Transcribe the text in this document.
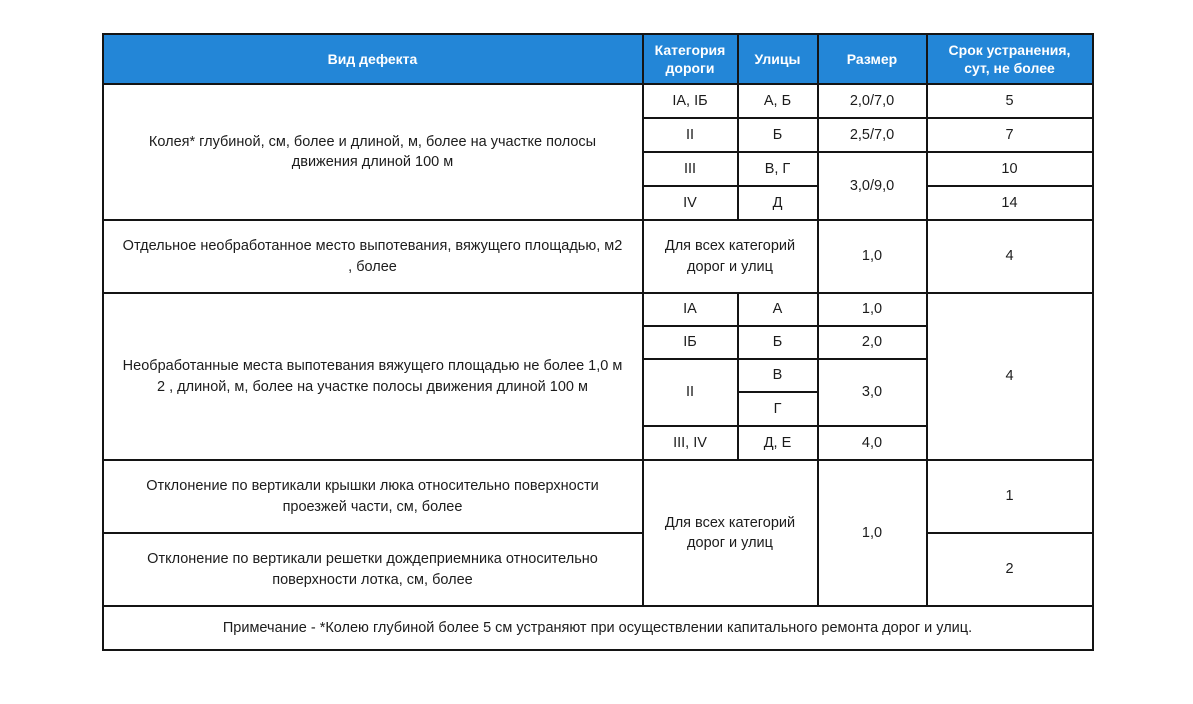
Вид дефекта	Категория дороги	Улицы	Размер	Срок устранения, сут, не более
Колея* глубиной, см, более и длиной, м, более на участке полосы движения длиной 100 м	IА, IБ	А, Б	2,0/7,0	5
	II	Б	2,5/7,0	7
	III	В, Г	3,0/9,0	10
	IV	Д		14
Отдельное необработанное место выпотевания, вяжущего площадью, м2 , более	Для всех категорий дорог и улиц		1,0	4
Необработанные места выпотевания вяжущего площадью не более 1,0 м 2 , длиной, м, более на участке полосы движения длиной 100 м	IА	А	1,0	4
	IБ	Б	2,0	
	II	В	3,0	
		Г		
	III, IV	Д, Е	4,0	
Отклонение по вертикали крышки люка относительно поверхности проезжей части, см, более	Для всех категорий дорог и улиц		1,0	1
Отклонение по вертикали решетки дождеприемника относительно поверхности лотка, см, более				2
Примечание - *Колею глубиной более 5 см устраняют при осуществлении капитального ремонта дорог и улиц.				
